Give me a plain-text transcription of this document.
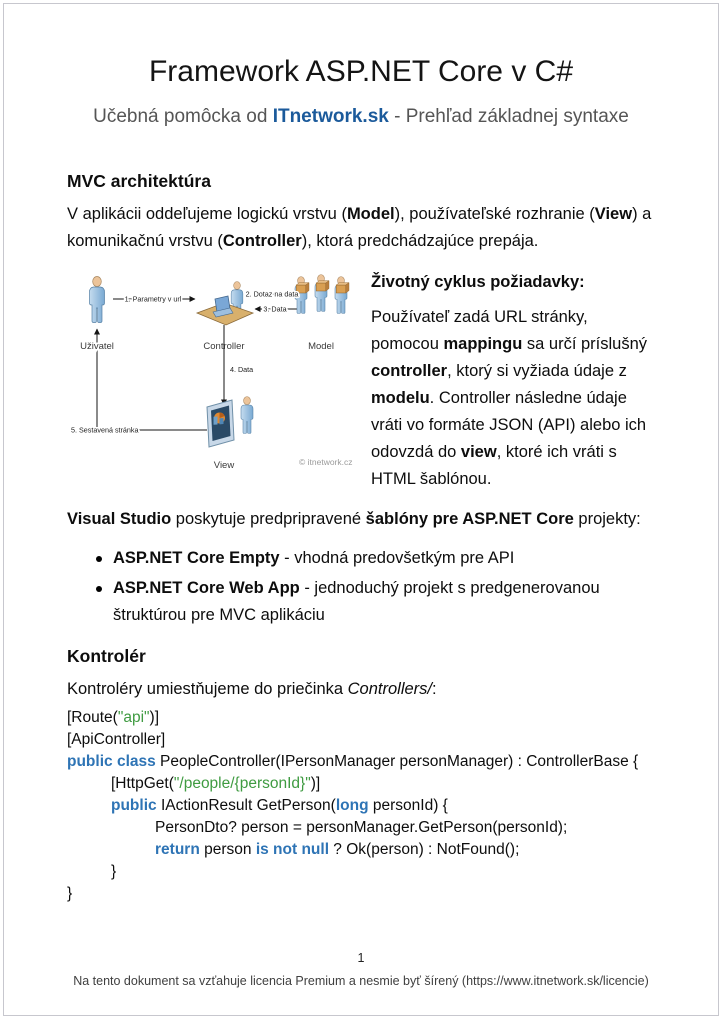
Framework ASP.NET Core v C#

Učebná pomôcka od ITnetwork.sk - Prehľad základnej syntaxe

MVC architektúra

V aplikácii oddeľujeme logickú vrstvu (Model), používateľské rozhranie (View) a komunikačnú vrstvu (Controller), ktorá predchádzajúce prepája.

Uživatel	Controller	Model
View
1. Parametry v url
2. Dotaz na data
3. Data
4. Data
5. Sestavená stránka
© itnetwork.cz

Životný cyklus požiadavky:

Používateľ zadá URL stránky, pomocou mappingu sa určí príslušný controller, ktorý si vyžiada údaje z modelu. Controller následne údaje vráti vo formáte JSON (API) alebo ich odovzdá do view, ktoré ich vráti s HTML šablónou.

Visual Studio poskytuje predpripravené šablóny pre ASP.NET Core projekty:

ASP.NET Core Empty - vhodná predovšetkým pre API
ASP.NET Core Web App - jednoduchý projekt s predgenerovanou štruktúrou pre MVC aplikáciu
Kontrolér

Kontroléry umiestňujeme do priečinka Controllers/:

[Route("api")]
[ApiController]
public class PeopleController(IPersonManager personManager) : ControllerBase {
[HttpGet("/people/{personId}")]
public IActionResult GetPerson(long personId) {
PersonDto? person = personManager.GetPerson(personId);
return person is not null ? Ok(person) : NotFound();
}
}
1
Na tento dokument sa vzťahuje licencia Premium a nesmie byť šírený (https://www.itnetwork.sk/licencie)
